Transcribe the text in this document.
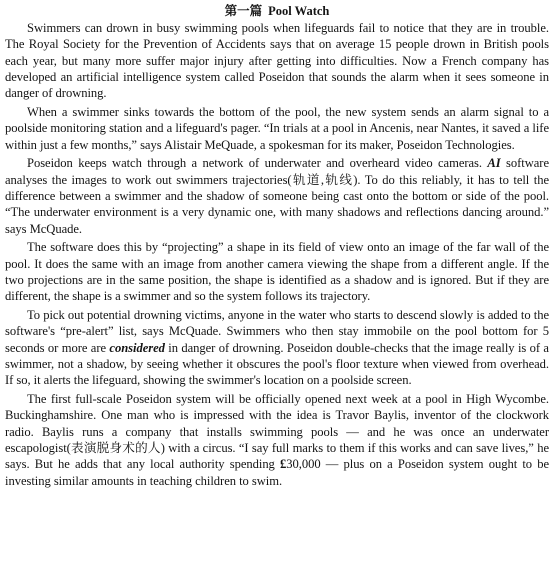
第一篇 Pool Watch

Swimmers can drown in busy swimming pools when lifeguards fail to notice that they are in trouble. The Royal Society for the Prevention of Accidents says that on average 15 people drown in British pools each year, but many more suffer major injury after getting into difficulties. Now a French company has developed an artificial intelligence system called Poseidon that sounds the alarm when it sees someone in danger of drowning.

When a swimmer sinks towards the bottom of the pool, the new system sends an alarm signal to a poolside monitoring station and a lifeguard's pager. “In trials at a pool in Ancenis, near Nantes, it saved a life within just a few months,” says Alistair MeQuade, a spokesman for its maker, Poseidon Technologies.

Poseidon keeps watch through a network of underwater and overheard video cameras. AI software analyses the images to work out swimmers trajectories(轨道,轨线). To do this reliably, it has to tell the difference between a swimmer and the shadow of someone being cast onto the bottom or side of the pool. “The underwater environment is a very dynamic one, with many shadows and reflections dancing around.” says McQuade.

The software does this by “projecting” a shape in its field of view onto an image of the far wall of the pool. It does the same with an image from another camera viewing the shape from a different angle. If the two projections are in the same position, the shape is identified as a shadow and is ignored. But if they are different, the shape is a swimmer and so the system follows its trajectory.

To pick out potential drowning victims, anyone in the water who starts to descend slowly is added to the software's “pre-alert” list, says McQuade. Swimmers who then stay immobile on the pool bottom for 5 seconds or more are considered in danger of drowning. Poseidon double-checks that the image really is of a swimmer, not a shadow, by seeing whether it obscures the pool's floor texture when viewed from overhead. If so, it alerts the lifeguard, showing the swimmer's location on a poolside screen.

The first full-scale Poseidon system will be officially opened next week at a pool in High Wycombe. Buckinghamshire. One man who is impressed with the idea is Travor Baylis, inventor of the clockwork radio. Baylis runs a company that installs swimming pools — and he was once an underwater escapologist(表演脱身术的人) with a circus. “I say full marks to them if this works and can save lives,” he says. But he adds that any local authority spending £30,000 — plus on a Poseidon system ought to be investing similar amounts in teaching children to swim.
